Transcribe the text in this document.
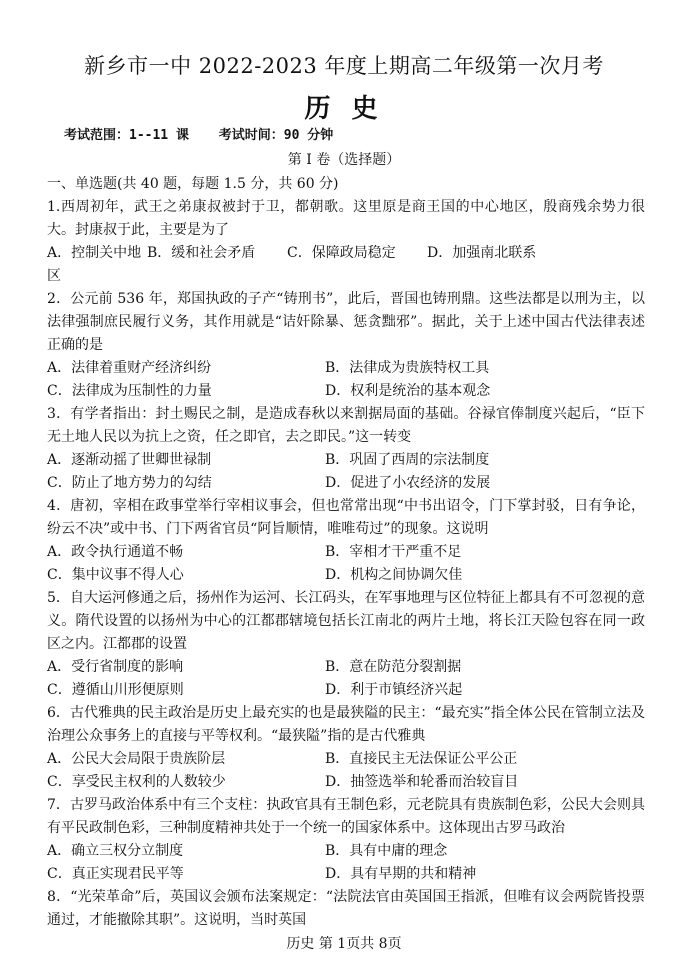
新乡市一中 2022-2023 年度上期高二年级第一次月考
历 史
考试范围：1--11 课 考试时间：90 分钟
第 I 卷（选择题）
一、单选题(共 40 题，每题 1.5 分，共 60 分)
1.西周初年，武王之弟康叔被封于卫，都朝歌。这里原是商王国的中心地区，殷商残余势力很大。封康叔于此，主要是为了
A．控制关中地区
B．缓和社会矛盾	C．保障政局稳定	D．加强南北联系
2．公元前 536 年，郑国执政的子产“铸刑书”，此后，晋国也铸刑鼎。这些法都是以刑为主，以法律强制庶民履行义务，其作用就是“诘奸除暴、惩贪黜邪”。据此，关于上述中国古代法律表述正确的是
A．法律着重财产经济纠纷	B．法律成为贵族特权工具
C．法律成为压制性的力量	D．权利是统治的基本观念
3．有学者指出：封土赐民之制，是造成春秋以来割据局面的基础。谷禄官俸制度兴起后，“臣下无土地人民以为抗上之资，任之即官，去之即民。”这一转变
A．逐渐动摇了世卿世禄制	B．巩固了西周的宗法制度
C．防止了地方势力的勾结	D．促进了小农经济的发展
4．唐初，宰相在政事堂举行宰相议事会，但也常常出现“中书出诏令，门下掌封驳，日有争论，纷云不决”或中书、门下两省官员“阿旨顺情，唯唯苟过”的现象。这说明
A．政令执行通道不畅	B．宰相才干严重不足
C．集中议事不得人心	D．机构之间协调欠佳
5．自大运河修通之后，扬州作为运河、长江码头，在军事地理与区位特征上都具有不可忽视的意义。隋代设置的以扬州为中心的江都郡辖境包括长江南北的两片土地，将长江天险包容在同一政区之内。江都郡的设置
A．受行省制度的影响	B．意在防范分裂割据
C．遵循山川形便原则	D．利于市镇经济兴起
6．古代雅典的民主政治是历史上最充实的也是最狭隘的民主：“最充实”指全体公民在管制立法及治理公众事务上的直接与平等权利。“最狭隘”指的是古代雅典
A．公民大会局限于贵族阶层	B．直接民主无法保证公平公正
C．享受民主权利的人数较少	D．抽签选举和轮番而治较盲目
7．古罗马政治体系中有三个支柱：执政官具有王制色彩，元老院具有贵族制色彩，公民大会则具有平民政制色彩，三种制度精神共处于一个统一的国家体系中。这体现出古罗马政治
A．确立三权分立制度	B．具有中庸的理念
C．真正实现君民平等	D．具有早期的共和精神
8．“光荣革命”后，英国议会颁布法案规定：“法院法官由英国国王指派，但唯有议会两院皆投票通过，才能撤除其职”。这说明，当时英国
历史 第 1页共 8页
